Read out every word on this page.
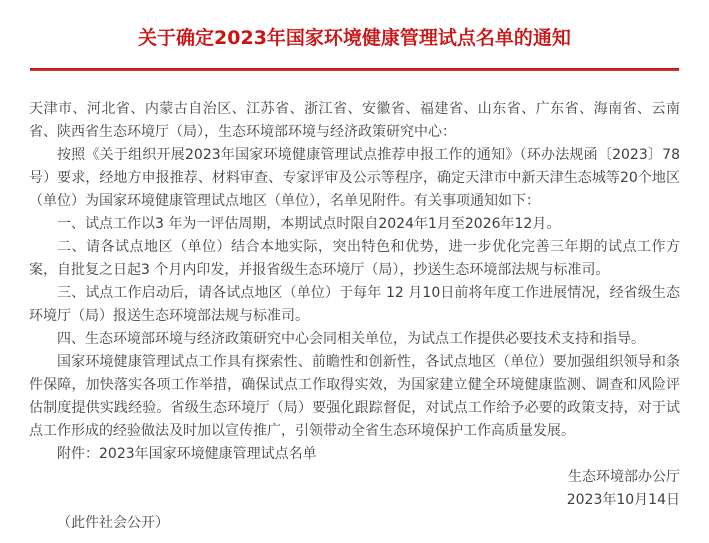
关于确定2023年国家环境健康管理试点名单的通知

天津市、河北省、内蒙古自治区、江苏省、浙江省、安徽省、福建省、山东省、广东省、海南省、云南省、陕西省生态环境厅（局），生态环境部环境与经济政策研究中心：

按照《关于组织开展2023年国家环境健康管理试点推荐申报工作的通知》（环办法规函〔2023〕78号）要求，经地方申报推荐、材料审查、专家评审及公示等程序，确定天津市中新天津生态城等20个地区（单位）为国家环境健康管理试点地区（单位），名单见附件。有关事项通知如下：

一、试点工作以3 年为一评估周期，本期试点时限自2024年1月至2026年12月。

二、请各试点地区（单位）结合本地实际，突出特色和优势，进一步优化完善三年期的试点工作方案，自批复之日起3 个月内印发，并报省级生态环境厅（局），抄送生态环境部法规与标准司。

三、试点工作启动后，请各试点地区（单位）于每年 12 月10日前将年度工作进展情况，经省级生态环境厅（局）报送生态环境部法规与标准司。

四、生态环境部环境与经济政策研究中心会同相关单位，为试点工作提供必要技术支持和指导。

国家环境健康管理试点工作具有探索性、前瞻性和创新性，各试点地区（单位）要加强组织领导和条件保障，加快落实各项工作举措，确保试点工作取得实效，为国家建立健全环境健康监测、调查和风险评估制度提供实践经验。省级生态环境厅（局）要强化跟踪督促，对试点工作给予必要的政策支持，对于试点工作形成的经验做法及时加以宣传推广，引领带动全省生态环境保护工作高质量发展。

附件：2023年国家环境健康管理试点名单

生态环境部办公厅

2023年10月14日

（此件社会公开）
